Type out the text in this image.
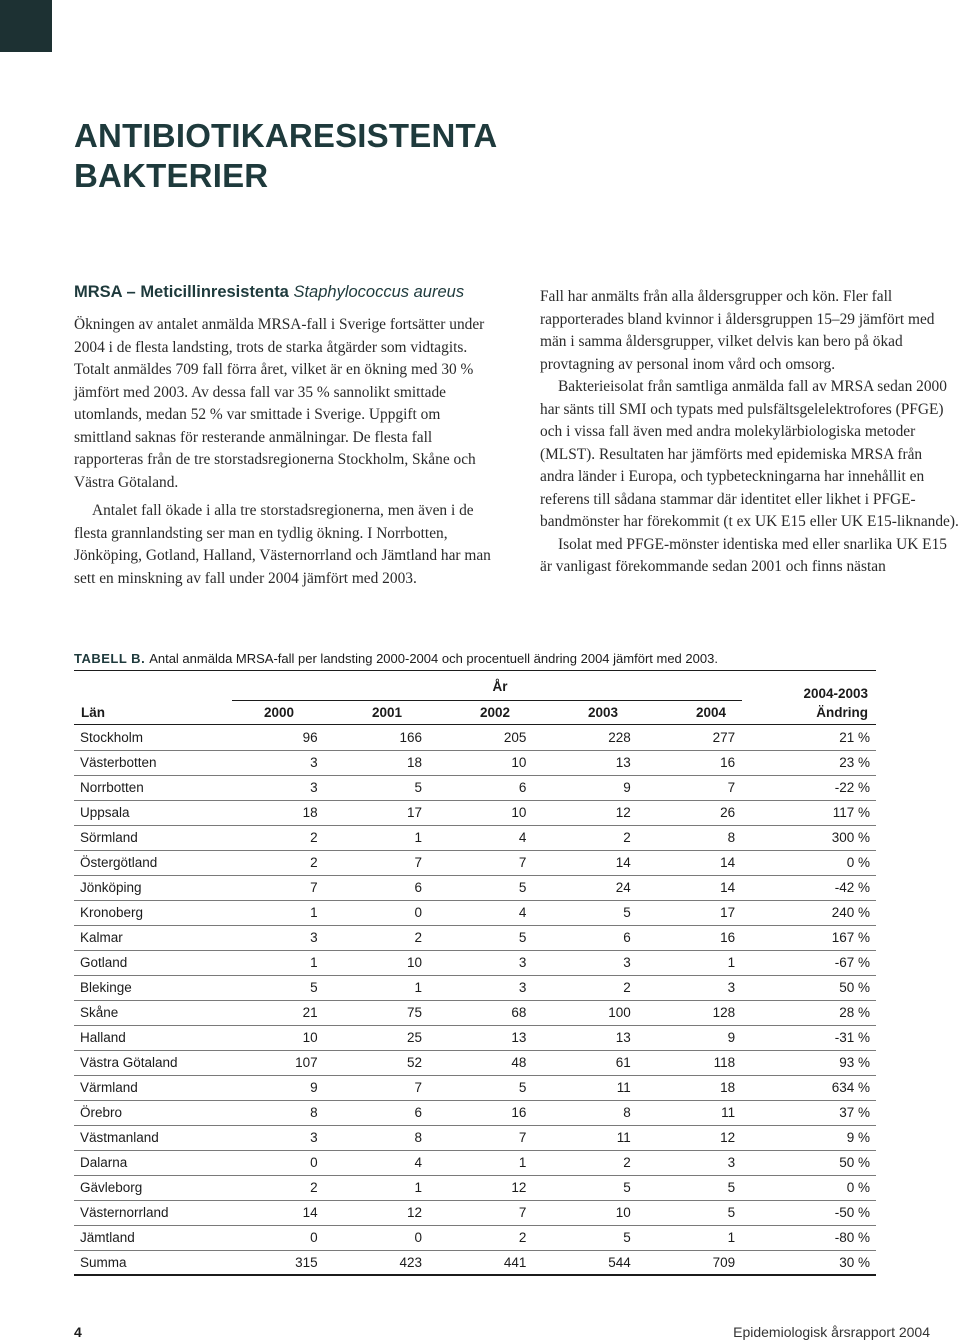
ANTIBIOTIKARESISTENTA
BAKTERIER
MRSA – Meticillinresistenta Staphylococcus aureus

Ökningen av antalet anmälda MRSA-fall i Sverige fortsätter under 2004 i de flesta landsting, trots de starka åtgärder som vidtagits. Totalt anmäldes 709 fall förra året, vilket är en ökning med 30 % jämfört med 2003. Av dessa fall var 35 % sannolikt smittade utomlands, medan 52 % var smittade i Sverige. Uppgift om smittland saknas för resterande anmälningar. De flesta fall rapporteras från de tre storstadsregionerna Stockholm, Skåne och Västra Götaland.

Antalet fall ökade i alla tre storstadsregionerna, men även i de flesta grannlandsting ser man en tydlig ökning. I Norrbotten, Jönköping, Gotland, Halland, Västernorrland och Jämtland har man sett en minskning av fall under 2004 jämfört med 2003.

Fall har anmälts från alla åldersgrupper och kön. Fler fall rapporterades bland kvinnor i åldersgruppen 15–29 jämfört med män i samma åldersgrupper, vilket delvis kan bero på ökad provtagning av personal inom vård och omsorg.

Bakterieisolat från samtliga anmälda fall av MRSA sedan 2000 har sänts till SMI och typats med pulsfältsgelelektrofores (PFGE) och i vissa fall även med andra molekylärbiologiska metoder (MLST). Resultaten har jämförts med epidemiska MRSA från andra länder i Europa, och typbeteckningarna har innehållit en referens till sådana stammar där identitet eller likhet i PFGE-bandmönster har förekommit (t ex UK E15 eller UK E15-liknande).

Isolat med PFGE-mönster identiska med eller snarlika UK E15 är vanligast förekommande sedan 2001 och finns nästan

TABELL B. Antal anmälda MRSA-fall per landsting 2000-2004 och procentuell ändring 2004 jämfört med 2003.
År
Län	2000	2001	2002	2003	2004
2004-2003
Ändring
Stockholm	96	166	205	228	277	21 %
Västerbotten	3	18	10	13	16	23 %
Norrbotten	3	5	6	9	7	-22 %
Uppsala	18	17	10	12	26	117 %
Sörmland	2	1	4	2	8	300 %
Östergötland	2	7	7	14	14	0 %
Jönköping	7	6	5	24	14	-42 %
Kronoberg	1	0	4	5	17	240 %
Kalmar	3	2	5	6	16	167 %
Gotland	1	10	3	3	1	-67 %
Blekinge	5	1	3	2	3	50 %
Skåne	21	75	68	100	128	28 %
Halland	10	25	13	13	9	-31 %
Västra Götaland	107	52	48	61	118	93 %
Värmland	9	7	5	11	18	634 %
Örebro	8	6	16	8	11	37 %
Västmanland	3	8	7	11	12	9 %
Dalarna	0	4	1	2	3	50 %
Gävleborg	2	1	12	5	5	0 %
Västernorrland	14	12	7	10	5	-50 %
Jämtland	0	0	2	5	1	-80 %
Summa	315	423	441	544	709	30 %
4	Epidemiologisk årsrapport 2004
